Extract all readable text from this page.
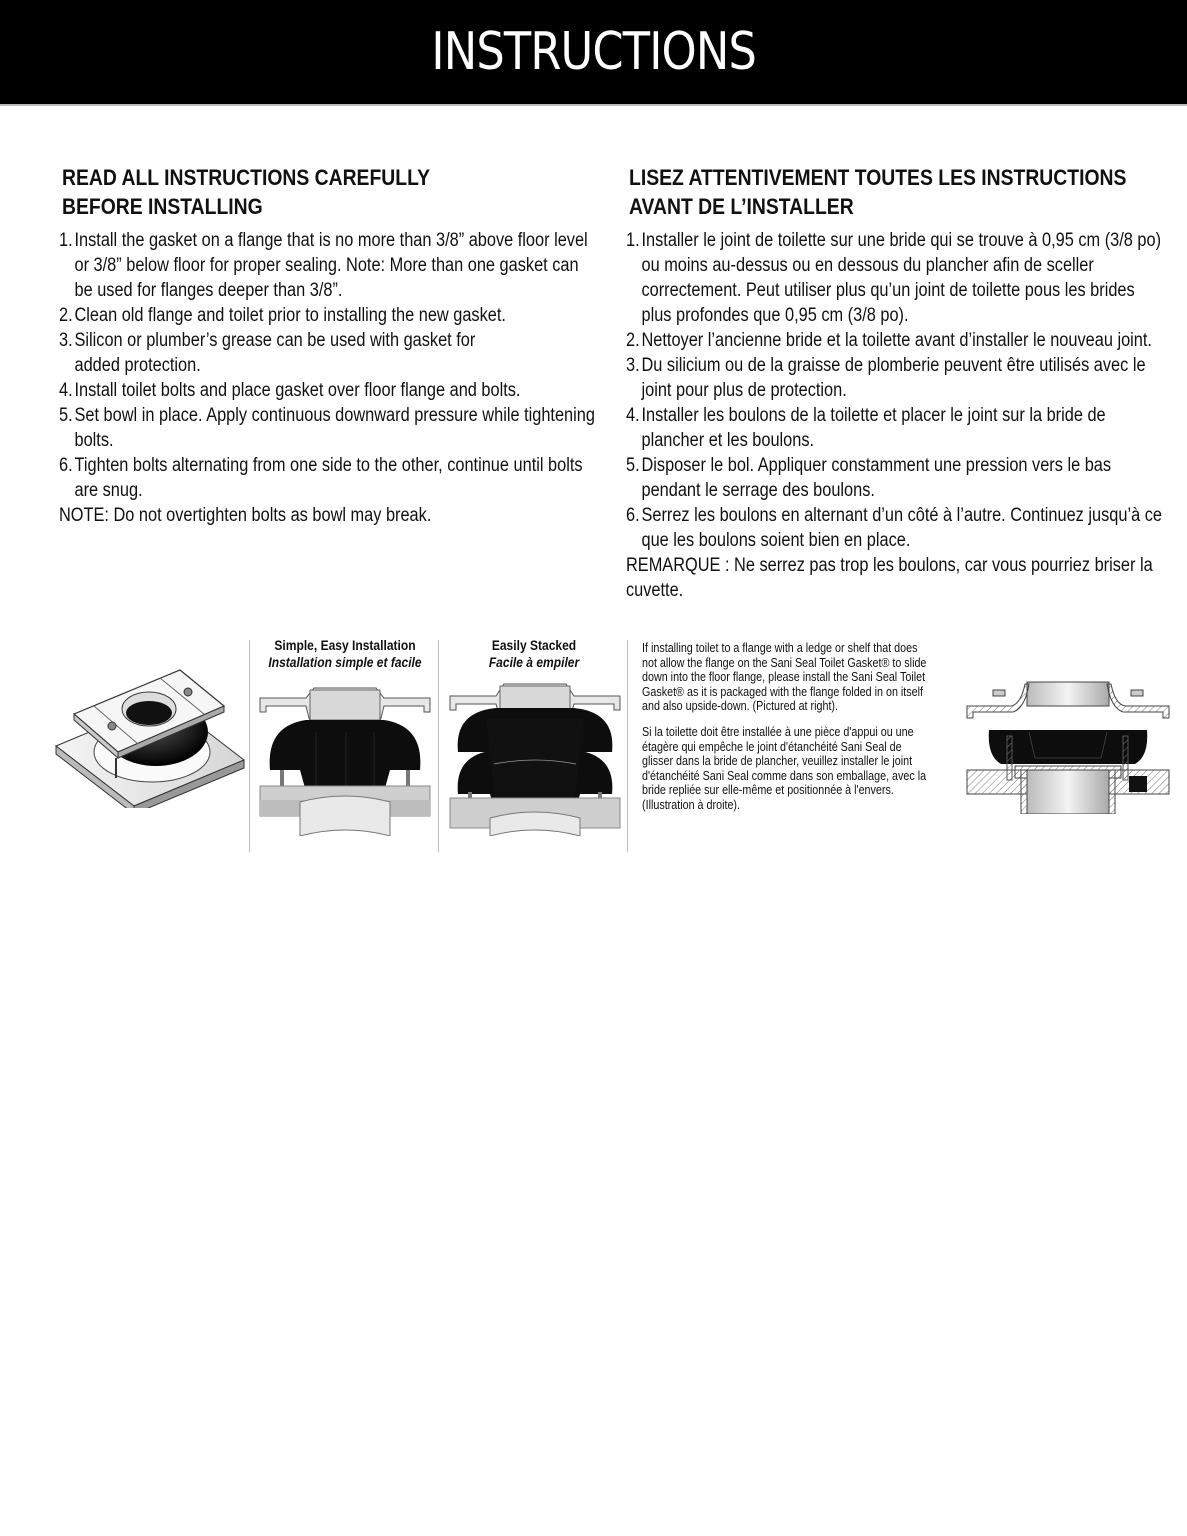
INSTRUCTIONS
READ ALL INSTRUCTIONS CAREFULLY
BEFORE INSTALLING
1. Install the gasket on a flange that is no more than 3/8” above floor level or 3/8” below floor for proper sealing. Note: More than one gasket can be used for flanges deeper than 3/8”.
2. Clean old flange and toilet prior to installing the new gasket.
3. Silicon or plumber’s grease can be used with gasket for added protection.
4. Install toilet bolts and place gasket over floor flange and bolts.
5. Set bowl in place. Apply continuous downward pressure while tightening bolts.
6. Tighten bolts alternating from one side to the other, continue until bolts are snug.

NOTE: Do not overtighten bolts as bowl may break.

LISEZ ATTENTIVEMENT TOUTES LES INSTRUCTIONS
AVANT DE L’INSTALLER
1. Installer le joint de toilette sur une bride qui se trouve à 0,95 cm (3/8 po) ou moins au-dessus ou en dessous du plancher afin de sceller correctement. Peut utiliser plus qu’un joint de toilette pous les brides plus profondes que 0,95 cm (3/8 po).
2. Nettoyer l’ancienne bride et la toilette avant d’installer le nouveau joint.
3. Du silicium ou de la graisse de plomberie peuvent être utilisés avec le joint pour plus de protection.
4. Installer les boulons de la toilette et placer le joint sur la bride de plancher et les boulons.
5. Disposer le bol. Appliquer constamment une pression vers le bas pendant le serrage des boulons.
6. Serrez les boulons en alternant d’un côté à l’autre. Continuez jusqu’à ce que les boulons soient bien en place.

REMARQUE : Ne serrez pas trop les boulons, car vous pourriez briser la cuvette.

Simple, Easy Installation
Installation simple et facile
Easily Stacked
Facile à empiler

If installing toilet to a flange with a ledge or shelf that does not allow the flange on the Sani Seal Toilet Gasket® to slide down into the floor flange, please install the Sani Seal Toilet Gasket® as it is packaged with the flange folded in on itself and also upside-down. (Pictured at right).

Si la toilette doit être installée à une pièce d'appui ou une étagère qui empêche le joint d'étanchéité Sani Seal de glisser dans la bride de plancher, veuillez installer le joint d'étanchéité Sani Seal comme dans son emballage, avec la bride repliée sur elle-même et positionnée à l'envers. (Illustration à droite).
